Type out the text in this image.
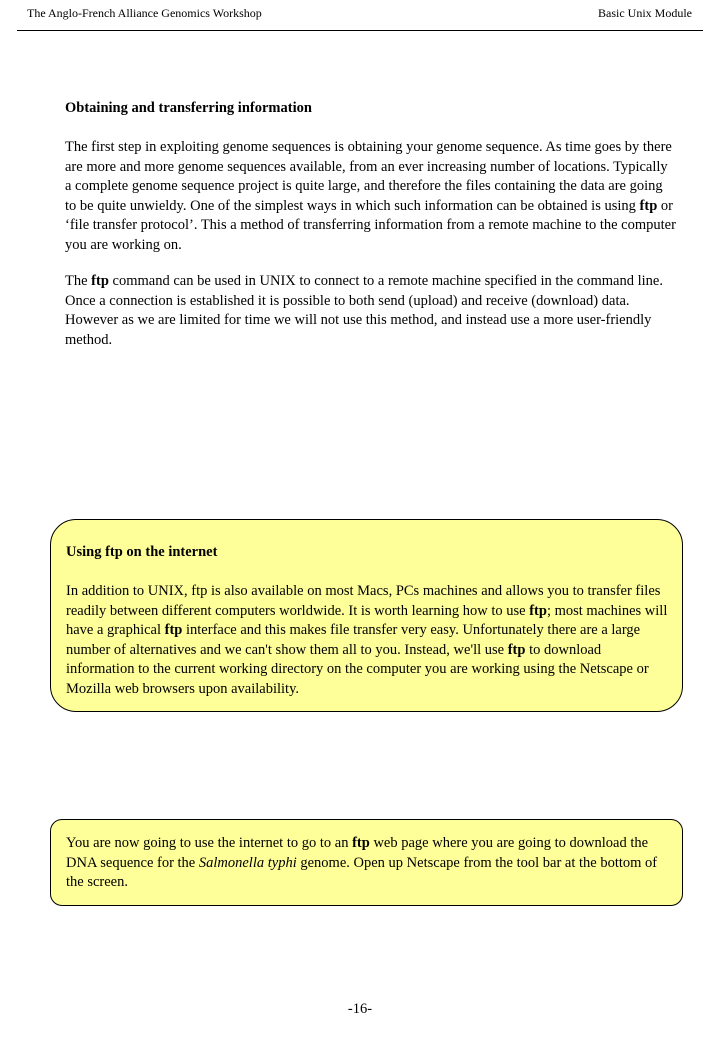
The Anglo-French Alliance Genomics Workshop	Basic Unix Module
Obtaining and transferring information
The first step in exploiting genome sequences is obtaining your genome sequence. As time goes by there are more and more genome sequences available, from an ever increasing number of locations. Typically a complete genome sequence project is quite large, and therefore the files containing the data are going to be quite unwieldy. One of the simplest ways in which such information can be obtained is using ftp or ‘file transfer protocol’. This a method of transferring information from a remote machine to the computer you are working on.
The ftp command can be used in UNIX to connect to a remote machine specified in the command line. Once a connection is established it is possible to both send (upload) and receive (download) data. However as we are limited for time we will not use this method, and instead use a more user-friendly method.

Using ftp on the internet

In addition to UNIX, ftp is also available on most Macs, PCs machines and allows you to transfer files readily between different computers worldwide. It is worth learning how to use ftp; most machines will have a graphical ftp interface and this makes file transfer very easy. Unfortunately there are a large number of alternatives and we can't show them all to you. Instead, we'll use ftp to download information to the current working directory on the computer you are working using the Netscape or Mozilla web browsers upon availability.

You are now going to use the internet to go to an ftp web page where you are going to download the DNA sequence for the Salmonella typhi genome. Open up Netscape from the tool bar at the bottom of the screen.

-16-
